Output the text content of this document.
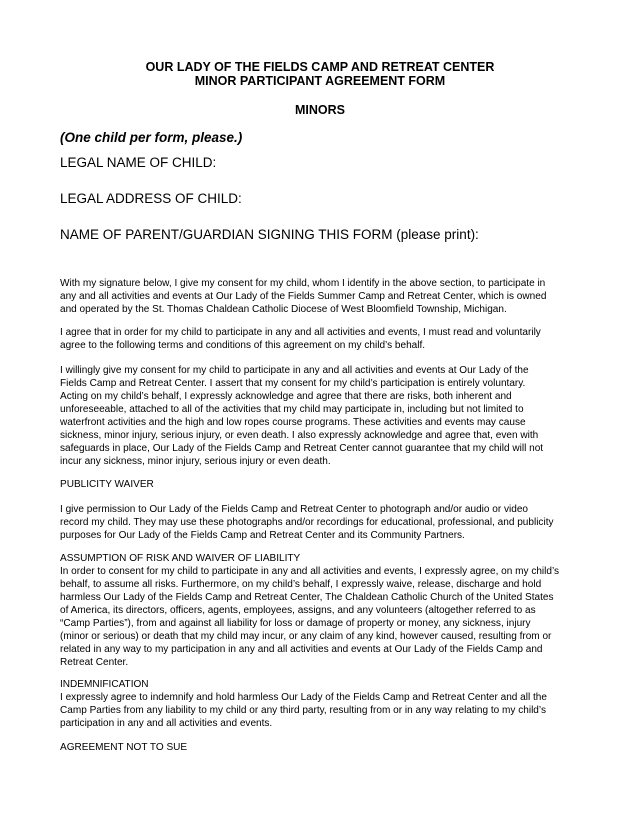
OUR LADY OF THE FIELDS CAMP AND RETREAT CENTER
MINOR PARTICIPANT AGREEMENT FORM
MINORS
(One child per form, please.)
LEGAL NAME OF CHILD:
LEGAL ADDRESS OF CHILD:
NAME OF PARENT/GUARDIAN SIGNING THIS FORM (please print):

With my signature below, I give my consent for my child, whom I identify in the above section, to participate in
any and all activities and events at Our Lady of the Fields Summer Camp and Retreat Center, which is owned
and operated by the St. Thomas Chaldean Catholic Diocese of West Bloomfield Township, Michigan.

I agree that in order for my child to participate in any and all activities and events, I must read and voluntarily
agree to the following terms and conditions of this agreement on my child’s behalf.

I willingly give my consent for my child to participate in any and all activities and events at Our Lady of the
Fields Camp and Retreat Center. I assert that my consent for my child’s participation is entirely voluntary.
Acting on my child’s behalf, I expressly acknowledge and agree that there are risks, both inherent and
unforeseeable, attached to all of the activities that my child may participate in, including but not limited to
waterfront activities and the high and low ropes course programs. These activities and events may cause
sickness, minor injury, serious injury, or even death. I also expressly acknowledge and agree that, even with
safeguards in place, Our Lady of the Fields Camp and Retreat Center cannot guarantee that my child will not
incur any sickness, minor injury, serious injury or even death.

PUBLICITY WAIVER

I give permission to Our Lady of the Fields Camp and Retreat Center to photograph and/or audio or video
record my child. They may use these photographs and/or recordings for educational, professional, and publicity
purposes for Our Lady of the Fields Camp and Retreat Center and its Community Partners.

ASSUMPTION OF RISK AND WAIVER OF LIABILITY

In order to consent for my child to participate in any and all activities and events, I expressly agree, on my child’s
behalf, to assume all risks. Furthermore, on my child’s behalf, I expressly waive, release, discharge and hold
harmless Our Lady of the Fields Camp and Retreat Center, The Chaldean Catholic Church of the United States
of America, its directors, officers, agents, employees, assigns, and any volunteers (altogether referred to as
“Camp Parties”), from and against all liability for loss or damage of property or money, any sickness, injury
(minor or serious) or death that my child may incur, or any claim of any kind, however caused, resulting from or
related in any way to my participation in any and all activities and events at Our Lady of the Fields Camp and
Retreat Center.

INDEMNIFICATION

I expressly agree to indemnify and hold harmless Our Lady of the Fields Camp and Retreat Center and all the
Camp Parties from any liability to my child or any third party, resulting from or in any way relating to my child’s
participation in any and all activities and events.

AGREEMENT NOT TO SUE
